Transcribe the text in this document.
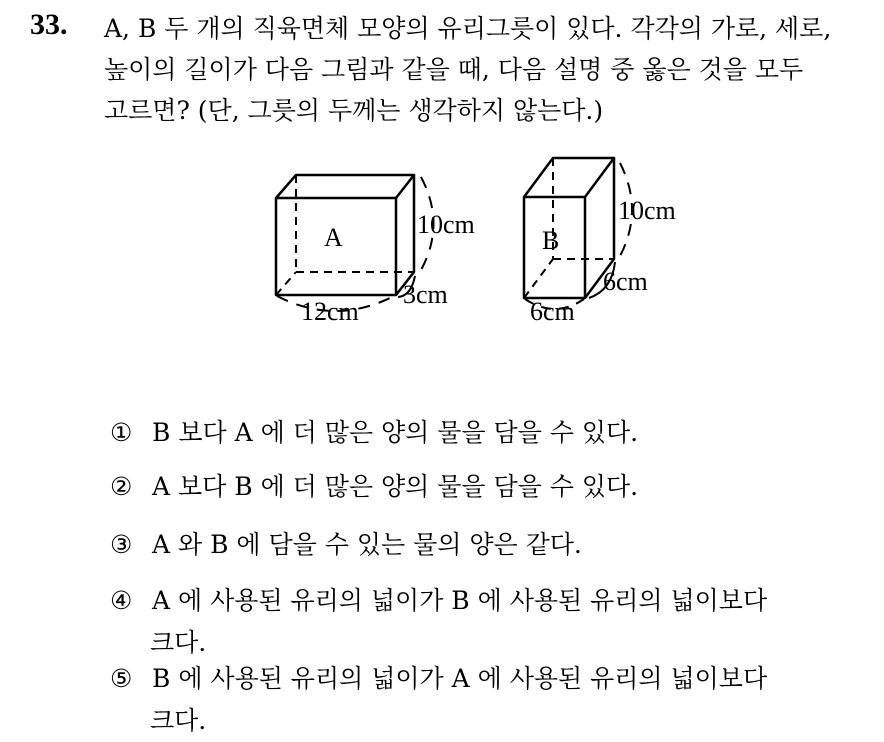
33. A, B 두 개의 직육면체 모양의 유리그릇이 있다. 각각의 가로, 세로,
높이의 길이가 다음 그림과 같을 때, 다음 설명 중 옳은 것을 모두
고르면? (단, 그릇의 두께는 생각하지 않는다.)
A	10cm
3cm
12cm
B
10cm
6cm
6cm
① B 보다 A 에 더 많은 양의 물을 담을 수 있다.
② A 보다 B 에 더 많은 양의 물을 담을 수 있다.
③ A 와 B 에 담을 수 있는 물의 양은 같다.
④ A 에 사용된 유리의 넓이가 B 에 사용된 유리의 넓이보다
크다.
⑤ B 에 사용된 유리의 넓이가 A 에 사용된 유리의 넓이보다
크다.
